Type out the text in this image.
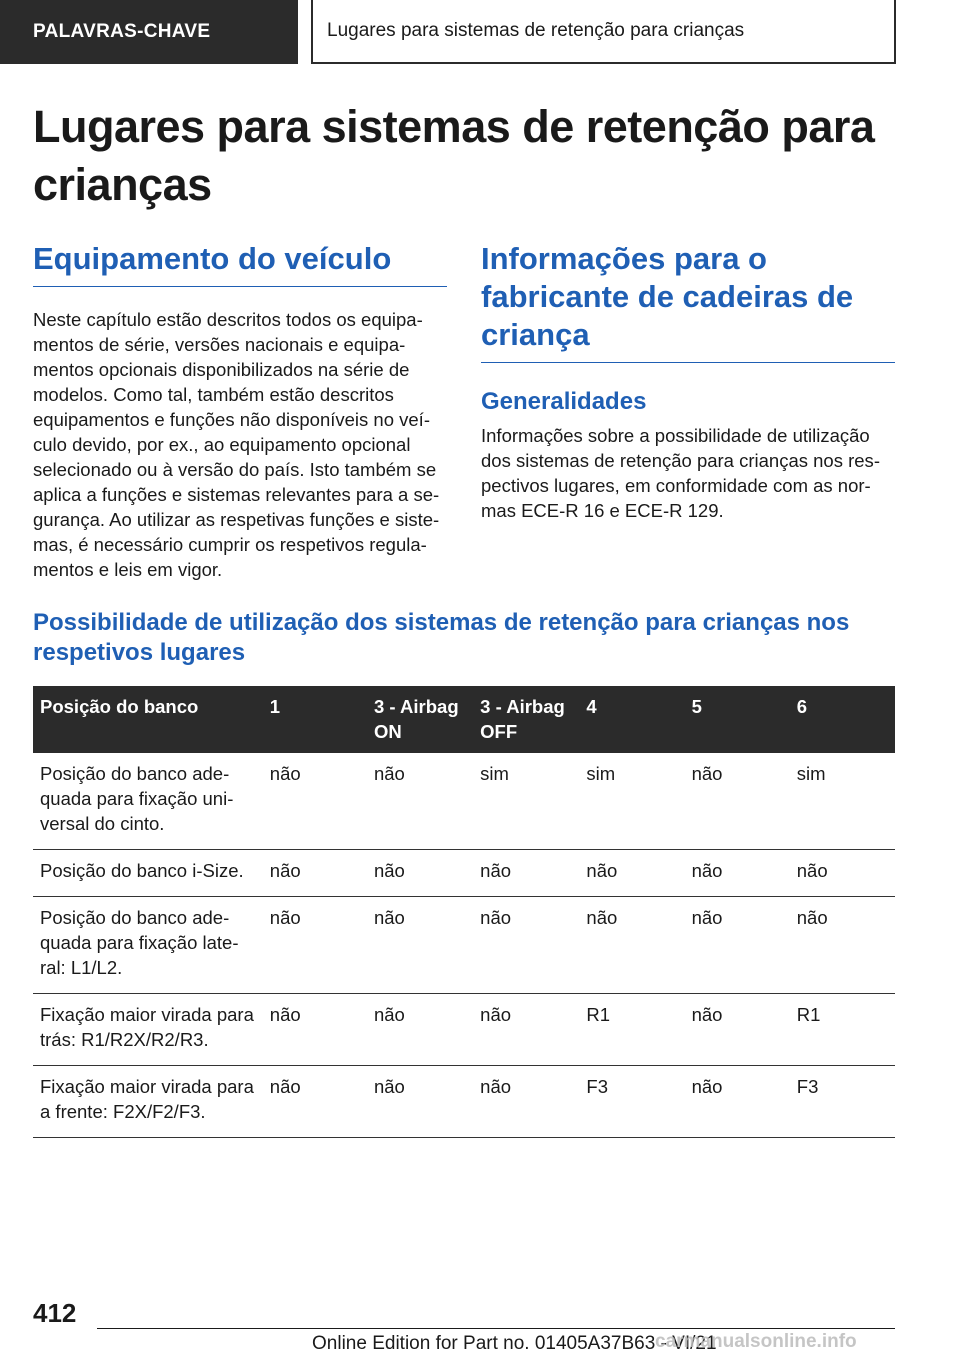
PALAVRAS-CHAVE	Lugares para sistemas de retenção para crianças
Lugares para sistemas de retenção para crianças
Equipamento do veículo

Neste capítulo estão descritos todos os equipamentos de série, versões nacionais e equipamentos opcionais disponibilizados na série de modelos. Como tal, também estão descritos equipamentos e funções não disponíveis no veículo devido, por ex., ao equipamento opcional selecionado ou à versão do país. Isto também se aplica a funções e sistemas relevantes para a segurança. Ao utilizar as respetivas funções e sistemas, é necessário cumprir os respetivos regulamentos e leis em vigor.

Informações para o fabricante de cadeiras de criança
Generalidades

Informações sobre a possibilidade de utilização dos sistemas de retenção para crianças nos respectivos lugares, em conformidade com as normas ECE-R 16 e ECE-R 129.

Possibilidade de utilização dos sistemas de retenção para crianças nos respetivos lugares
Posição do banco	1	3 - Airbag ON	3 - Airbag OFF	4	5	6
Posição do banco adequada para fixação universal do cinto.	não	não	sim	sim	não	sim
Posição do banco i-Size.	não	não	não	não	não	não
Posição do banco adequada para fixação lateral: L1/L2.	não	não	não	não	não	não
Fixação maior virada para trás: R1/R2X/R2/R3.	não	não	não	R1	não	R1
Fixação maior virada para a frente: F2X/F2/F3.	não	não	não	F3	não	F3
412
Online Edition for Part no. 01405A37B63 - VI/21
carmanualsonline.info
